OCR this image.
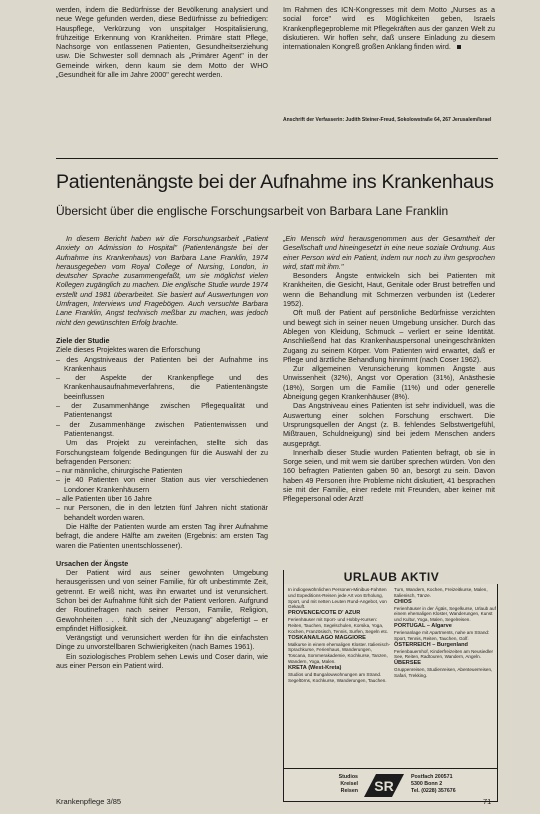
werden, indem die Bedürfnisse der Bevölkerung analysiert und neue Wege gefunden werden, diese Bedürfnisse zu befriedigen: Hauspflege, Verkürzung von unspitalger Hospitalisierung, frühzeitige Erkennung von Krankheiten. Primäre statt Pflege, Nachsorge von entlassenen Patienten, Gesundheitserziehung usw. Die Schwester soll demnach als „Primärer Agent" in der Gemeinde wirken, denn kaum sie dem Motto der WHO „Gesundheit für alle im Jahre 2000" gerecht werden.

Im Rahmen des ICN-Kongresses mit dem Motto „Nurses as a social force" wird es Möglichkeiten geben, Israels Krankenpflegeprobleme mit Pflegekräften aus der ganzen Welt zu diskutieren. Wir hoffen sehr, daß unsere Einladung zu diesem internationalen Kongreß großen Anklang finden wird.

Anschrift der Verfasserin: Judith Steiner-Freud, Sokolowstraße 64, 267 Jerusalem/Israel
Patientenängste bei der Aufnahme ins Krankenhaus
Übersicht über die englische Forschungsarbeit von Barbara Lane Franklin

In diesem Bericht haben wir die Forschungsarbeit „Patient Anxiety on Admission to Hospital" (Patientenängste bei der Aufnahme ins Krankenhaus) von Barbara Lane Franklin, 1974 herausgegeben vom Royal College of Nursing, London, in deutscher Sprache zusammengefaßt, um sie möglichst vielen Kollegen zugänglich zu machen. Die englische Studie wurde 1974 erstellt und 1981 überarbeitet. Sie basiert auf Auswertungen von Umfragen, Interviews und Fragebögen. Auch versuchte Barbara Lane Franklin, Angst technisch meßbar zu machen, was jedoch nicht den gewünschten Erfolg brachte.

Ziele der Studie

Ziele dieses Projektes waren die Erforschung

– des Angstniveaus der Patienten bei der Aufnahme ins Krankenhaus
– der Aspekte der Krankenpflege und des Krankenhausaufnahmeverfahrens, die Patientenängste beeinflussen
– der Zusammenhänge zwischen Pflegequalität und Patientenangst
– der Zusammenhänge zwischen Patientenwissen und Patientenangst.

Um das Projekt zu vereinfachen, stellte sich das Forschungsteam folgende Bedingungen für die Auswahl der zu befragenden Personen:

– nur männliche, chirurgische Patienten
– je 40 Patienten von einer Station aus vier verschiedenen Londoner Krankenhäusern
– alle Patienten über 16 Jahre
– nur Personen, die in den letzten fünf Jahren nicht stationär behandelt worden waren.

Die Hälfte der Patienten wurde am ersten Tag ihrer Aufnahme befragt, die andere Hälfte am zweiten (Ergebnis: am ersten Tag waren die Patienten unentschlossener).

Ursachen der Ängste

Der Patient wird aus seiner gewohnten Umgebung herausgerissen und von seiner Familie, für oft unbestimmte Zeit, getrennt. Er weiß nicht, was ihn erwartet und ist verunsichert. Schon bei der Aufnahme fühlt sich der Patient verloren. Aufgrund der Routinefragen nach seiner Person, Familie, Religion, Gewohnheiten . . . fühlt sich der „Neuzugang" abgefertigt – er empfindet Hilflosigkeit.

Verängstigt und verunsichert werden für ihn die einfachsten Dinge zu unvorstellbaren Schwierigkeiten (nach Bames 1961).

Ein soziologisches Problem sehen Lewis und Coser darin, wie aus einer Person ein Patient wird.

„Ein Mensch wird herausgenommen aus der Gesamtheit der Gesellschaft und hineingesetzt in eine neue soziale Ordnung. Aus einer Person wird ein Patient, indem nur noch zu ihm gesprochen wird, statt mit ihm."

Besonders Ängste entwickeln sich bei Patienten mit Krankheiten, die Gesicht, Haut, Genitale oder Brust betreffen und wenn die Behandlung mit Schmerzen verbunden ist (Lederer 1952).

Oft muß der Patient auf persönliche Bedürfnisse verzichten und bewegt sich in seiner neuen Umgebung unsicher. Durch das Ablegen von Kleidung, Schmuck – verliert er seine Identität. Anschließend hat das Krankenhauspersonal uneingeschränkten Zugang zu seinem Körper. Vom Patienten wird erwartet, daß er Pflege und ärztliche Behandlung hinnimmt (nach Coser 1962).

Zur allgemeinen Verunsicherung kommen Ängste aus Unwissenheit (32%), Angst vor Operation (31%), Anästhesie (18%), Sorgen um die Familie (11%) und oder generelle Abneigung gegen Krankenhäuser (8%).

Das Angstniveau eines Patienten ist sehr individuell, was die Auswertung einer solchen Forschung erschwert. Die Ursprungsquellen der Angst (z. B. fehlendes Selbstwertgefühl, Mißtrauen, Schuldneigung) sind bei jedem Menschen anders ausgeprägt.

Innerhalb dieser Studie wurden Patienten befragt, ob sie in Sorge seien, und mit wem sie darüber sprechen würden. Von den 160 befragten Patienten gaben 90 an, besorgt zu sein. Davon haben 49 Personen ihre Probleme nicht diskutiert, 41 besprachen sie mit der Familie, einer redete mit Freunden, aber keiner mit Pflegepersonal oder Arzt!

URLAUB AKTIV
In indiogewöhnlichen Personen-Minibus-Fahrten und Expeditions-Reisen jede Art von Erholung, Sport, und mit netten Leuten Rund-Angebot, von Gekauft.
PROVENCE/COTE D' AZUR
Ferienhäuser mit Sport- und Hobby-Kursen: Reiten, Tauchen, Segelschulen, Korsika, Yoga, Kochen, Französisch, Tennis, Surfen, Segeln etc.
TOSKANA/LAGO MAGGIORE
Malkurse in einem ehemaligen Kloster. Italienisch-Sprachkurse, Ferienhaus, Wanderungen, Toscana, Sommerakademie, Kochkurse, Tanzen, Wandern, Yoga, Malen.
KRETA (West-Kreta)
Studios und Bungalowwohnungen am Strand. Segeltörns, Kochkurse, Wanderungen, Tauchen.
Turn, Wandern, Kochen, Freizeitkurse, Malen, Italienisch, Tänze.
CHIOS
Ferienhäuser in der Ägäis, Segelkurse, Urlaub auf einem ehemaligen Kloster, Wanderungen, Kunst und Kultur, Yoga, Malen, Segelreisen.
PORTUGAL – Algarve
Ferienanlage mit Apartments, nahe am Strand: Sport, Tennis, Reiten, Tauchen, Golf.
ÖSTERREICH – Burgenland
Ferienbauernhof, Kinderfreizeiten am Neusiedler See, Reiten, Radtouren, Wandern, Angeln.
ÜBERSEE
Gruppenreisen, Studienreisen, Abenteuerreisen, Safari, Trekking.
Studios
Kreisel
Reisen SR
Postfach 200571
5300 Bonn 2
Tel. (0228) 357676
Krankenpflege 3/85	71
